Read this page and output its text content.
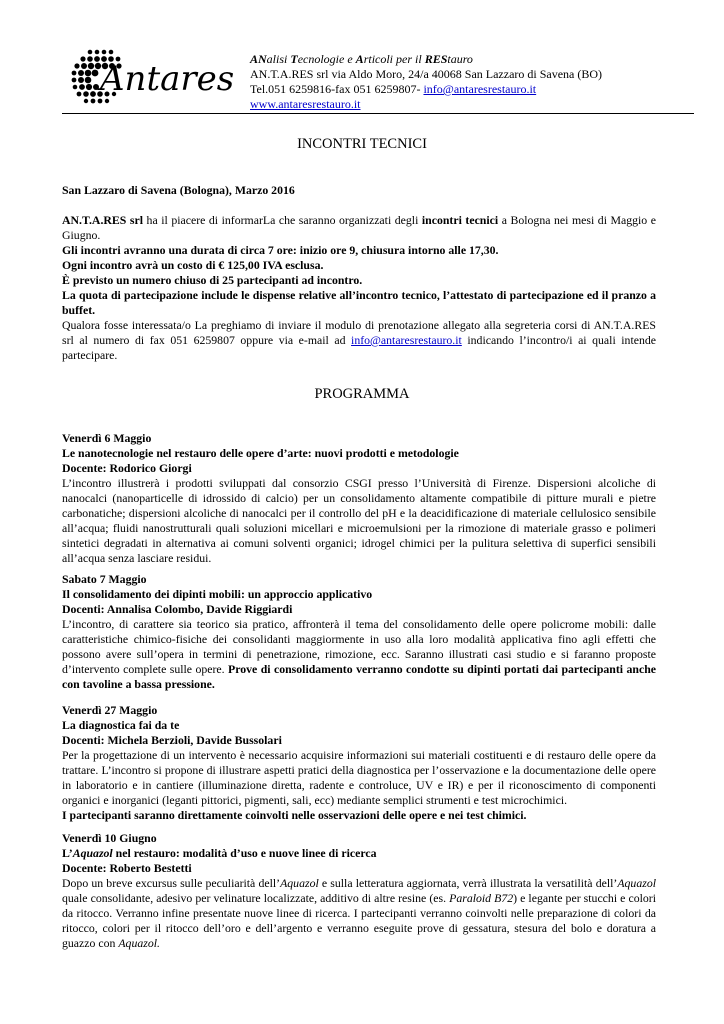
Antares ANalisi Tecnologie e Articoli per il REStauro
AN.T.A.RES srl via Aldo Moro, 24/a 40068 San Lazzaro di Savena (BO)
Tel.051 6259816-fax 051 6259807- info@antaresrestauro.it
www.antaresrestauro.it
INCONTRI TECNICI

San Lazzaro di Savena (Bologna), Marzo 2016

AN.T.A.RES srl ha il piacere di informarLa che saranno organizzati degli incontri tecnici a Bologna nei mesi di Maggio e Giugno.

Gli incontri avranno una durata di circa 7 ore: inizio ore 9, chiusura intorno alle 17,30.

Ogni incontro avrà un costo di € 125,00 IVA esclusa.

È previsto un numero chiuso di 25 partecipanti ad incontro.

La quota di partecipazione include le dispense relative all’incontro tecnico, l’attestato di partecipazione ed il pranzo a buffet.

Qualora fosse interessata/o La preghiamo di inviare il modulo di prenotazione allegato alla segreteria corsi di AN.T.A.RES srl al numero di fax 051 6259807 oppure via e-mail ad info@antaresrestauro.it indicando l’incontro/i ai quali intende partecipare.

PROGRAMMA

Venerdì 6 Maggio

Le nanotecnologie nel restauro delle opere d’arte: nuovi prodotti e metodologie

Docente: Rodorico Giorgi

L’incontro illustrerà i prodotti sviluppati dal consorzio CSGI presso l’Università di Firenze. Dispersioni alcoliche di nanocalci (nanoparticelle di idrossido di calcio) per un consolidamento altamente compatibile di pitture murali e pietre carbonatiche; dispersioni alcoliche di nanocalci per il controllo del pH e la deacidificazione di materiale cellulosico sensibile all’acqua; fluidi nanostrutturali quali soluzioni micellari e microemulsioni per la rimozione di materiale grasso e polimeri sintetici degradati in alternativa ai comuni solventi organici; idrogel chimici per la pulitura selettiva di superfici sensibili all’acqua senza lasciare residui.

Sabato 7 Maggio

Il consolidamento dei dipinti mobili: un approccio applicativo

Docenti: Annalisa Colombo, Davide Riggiardi

L’incontro, di carattere sia teorico sia pratico, affronterà il tema del consolidamento delle opere policrome mobili: dalle caratteristiche chimico-fisiche dei consolidanti maggiormente in uso alla loro modalità applicativa fino agli effetti che possono avere sull’opera in termini di penetrazione, rimozione, ecc. Saranno illustrati casi studio e si faranno proposte d’intervento complete sulle opere. Prove di consolidamento verranno condotte su dipinti portati dai partecipanti anche con tavoline a bassa pressione.

Venerdì 27 Maggio

La diagnostica fai da te

Docenti: Michela Berzioli, Davide Bussolari

Per la progettazione di un intervento è necessario acquisire informazioni sui materiali costituenti e di restauro delle opere da trattare. L’incontro si propone di illustrare aspetti pratici della diagnostica per l’osservazione e la documentazione delle opere in laboratorio e in cantiere (illuminazione diretta, radente e controluce, UV e IR) e per il riconoscimento di componenti organici e inorganici (leganti pittorici, pigmenti, sali, ecc) mediante semplici strumenti e test microchimici.

I partecipanti saranno direttamente coinvolti nelle osservazioni delle opere e nei test chimici.

Venerdì 10 Giugno

L’Aquazol nel restauro: modalità d’uso e nuove linee di ricerca

Docente: Roberto Bestetti

Dopo un breve excursus sulle peculiarità dell’Aquazol e sulla letteratura aggiornata, verrà illustrata la versatilità dell’Aquazol quale consolidante, adesivo per velinature localizzate, additivo di altre resine (es. Paraloid B72) e legante per stucchi e colori da ritocco. Verranno infine presentate nuove linee di ricerca. I partecipanti verranno coinvolti nelle preparazione di colori da ritocco, colori per il ritocco dell’oro e dell’argento e verranno eseguite prove di gessatura, stesura del bolo e doratura a guazzo con Aquazol.
